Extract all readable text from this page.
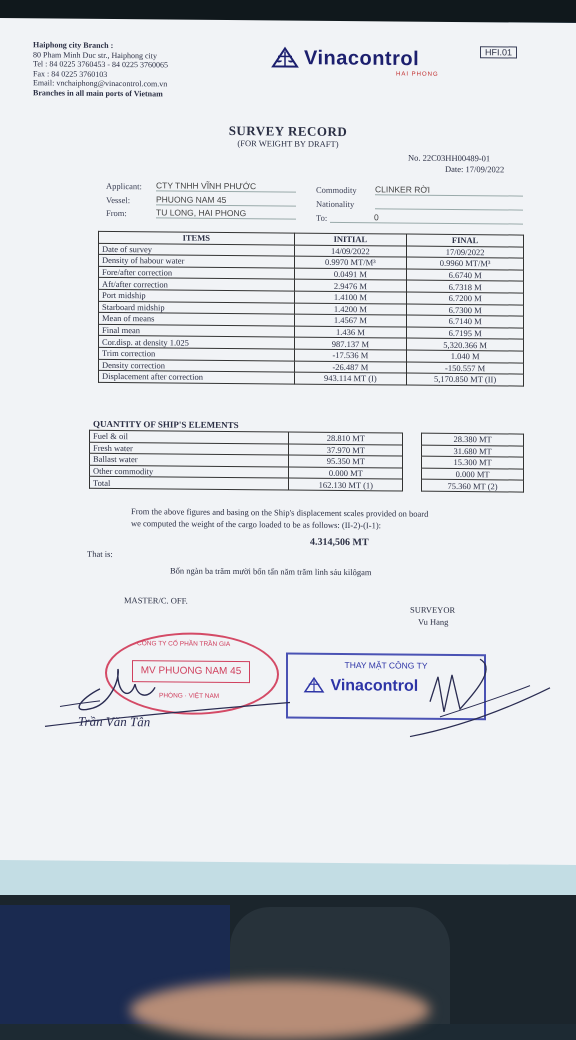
Haiphong city Branch :
80 Pham Minh Duc str., Haiphong city
Tel : 84 0225 3760453 - 84 0225 3760065
Fax : 84 0225 3760103
Email: vnchaiphong@vinacontrol.com.vn
Branches in all main ports of Vietnam
Vinacontrol
HAI PHONG
HFI.01
SURVEY RECORD
(FOR WEIGHT BY DRAFT)
No. 22C03HH00489-01
Date: 17/09/2022
Applicant: CTY TNHH VĨNH PHƯỚC
Vessel:	PHUONG NAM 45
From:	TU LONG, HAI PHONG
Commodity CLINKER RỜI
Nationality
To:	0
ITEMS	INITIAL	FINAL
Date of survey	14/09/2022	17/09/2022
Density of habour water	0.9970 MT/M³	0.9960 MT/M³
Fore/after correction	0.0491 M	6.6740 M
Aft/after correction	2.9476 M	6.7318 M
Port midship	1.4100 M	6.7200 M
Starboard midship	1.4200 M	6.7300 M
Mean of means	1.4567 M	6.7140 M
Final mean	1.436 M	6.7195 M
Cor.disp. at density 1.025	987.137 M	5,320.366 M
Trim correction	-17.536 M	1.040 M
Density correction	-26.487 M	-150.557 M
Displacement after correction	943.114 MT (I)	5,170.850 MT (II)
QUANTITY OF SHIP'S ELEMENTS
Fuel & oil	28.810 MT		28.380 MT
Fresh water	37.970 MT		31.680 MT
Ballast water	95.350 MT		15.300 MT
Other commodity	0.000 MT		0.000 MT
Total	162.130 MT (1)		75.360 MT (2)
From the above figures and basing on the Ship's displacement scales provided on board
we computed the weight of the cargo loaded to be as follows: (II-2)-(I-1):
4.314,506 MT
That is:
Bốn ngàn ba trăm mười bốn tấn năm trăm linh sáu kilôgam
MASTER/C. OFF.
SURVEYOR
Vu Hang
CÔNG TY CỔ PHẦN TRẦN GIA
MV PHUONG NAM 45
PHÒNG · VIỆT NAM
THAY MẶT CÔNG TY
Vinacontrol
Trần Văn Tân
